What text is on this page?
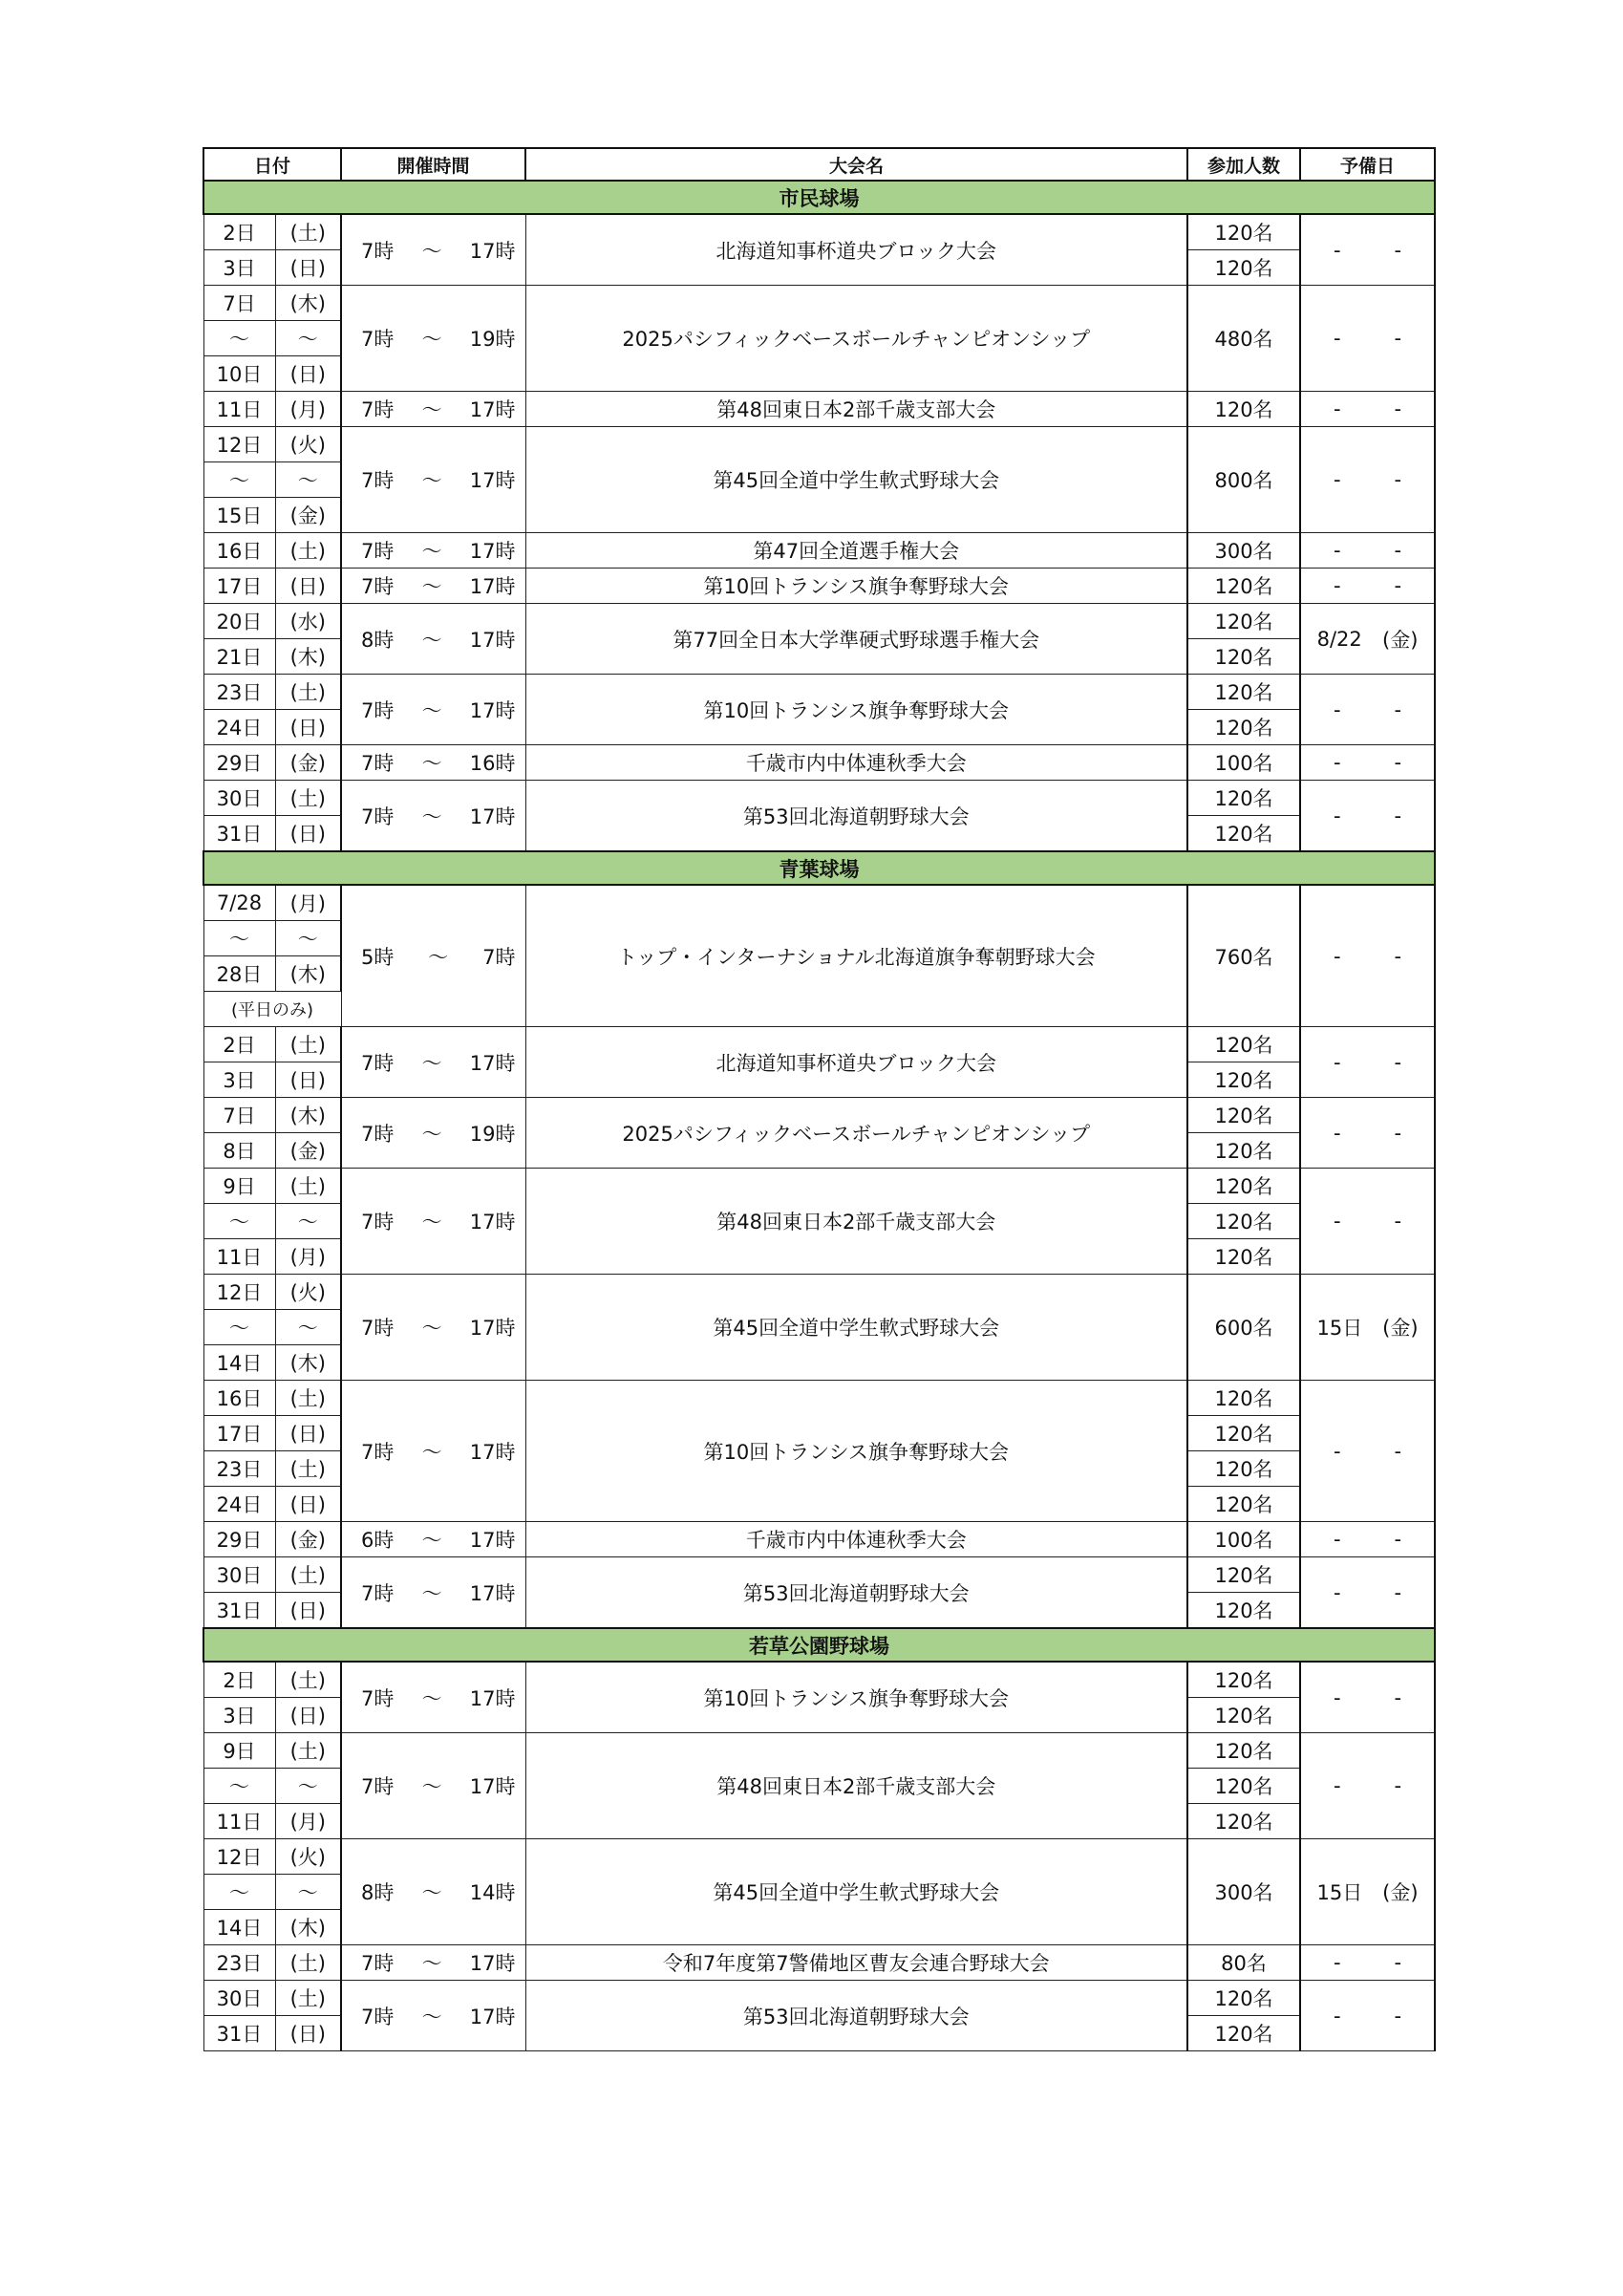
日付		開催時間	大会名	参加人数	予備日
市民球場					
2日	(土)	7時 ～ 17時	北海道知事杯道央ブロック大会	120名	- -

3日	(日)			120名	
7日	(木)	7時 ～ 19時	2025パシフィックベースボールチャンピオンシップ	480名	- -

～	～				
10日	(日)				
11日	(月)	7時 ～ 17時	第48回東日本2部千歳支部大会	120名	- -

12日	(火)	7時 ～ 17時	第45回全道中学生軟式野球大会	800名	- -

～	～				
15日	(金)				
16日	(土)	7時 ～ 17時	第47回全道選手権大会	300名	- -

17日	(日)	7時 ～ 17時	第10回トランシス旗争奪野球大会	120名	- -

20日	(水)	8時 ～ 17時	第77回全日本大学準硬式野球選手権大会	120名	8/22 (金)

21日	(木)			120名	
23日	(土)	7時 ～ 17時	第10回トランシス旗争奪野球大会	120名	- -

24日	(日)			120名	
29日	(金)	7時 ～ 16時	千歳市内中体連秋季大会	100名	- -

30日	(土)	7時 ～ 17時	第53回北海道朝野球大会	120名	- -

31日	(日)			120名	
青葉球場					
7/28	(月)	5時 ～ 7時	トップ・インターナショナル北海道旗争奪朝野球大会	760名	- -

～	～				
28日	(木)				
(平日のみ)					
2日	(土)	7時 ～ 17時	北海道知事杯道央ブロック大会	120名	- -

3日	(日)			120名	
7日	(木)	7時 ～ 19時	2025パシフィックベースボールチャンピオンシップ	120名	- -

8日	(金)			120名	
9日	(土)	7時 ～ 17時	第48回東日本2部千歳支部大会	120名	- -

～	～			120名	
11日	(月)			120名	
12日	(火)	7時 ～ 17時	第45回全道中学生軟式野球大会	600名	15日 (金)

～	～				
14日	(木)				
16日	(土)	7時 ～ 17時	第10回トランシス旗争奪野球大会	120名	- -

17日	(日)			120名	
23日	(土)			120名	
24日	(日)			120名	
29日	(金)	6時 ～ 17時	千歳市内中体連秋季大会	100名	- -

30日	(土)	7時 ～ 17時	第53回北海道朝野球大会	120名	- -

31日	(日)			120名	
若草公園野球場					
2日	(土)	7時 ～ 17時	第10回トランシス旗争奪野球大会	120名	- -

3日	(日)			120名	
9日	(土)	7時 ～ 17時	第48回東日本2部千歳支部大会	120名	- -

～	～			120名	
11日	(月)			120名	
12日	(火)	8時 ～ 14時	第45回全道中学生軟式野球大会	300名	15日 (金)

～	～				
14日	(木)				
23日	(土)	7時 ～ 17時	令和7年度第7警備地区曹友会連合野球大会	80名	- -

30日	(土)	7時 ～ 17時	第53回北海道朝野球大会	120名	- -

31日	(日)			120名	
